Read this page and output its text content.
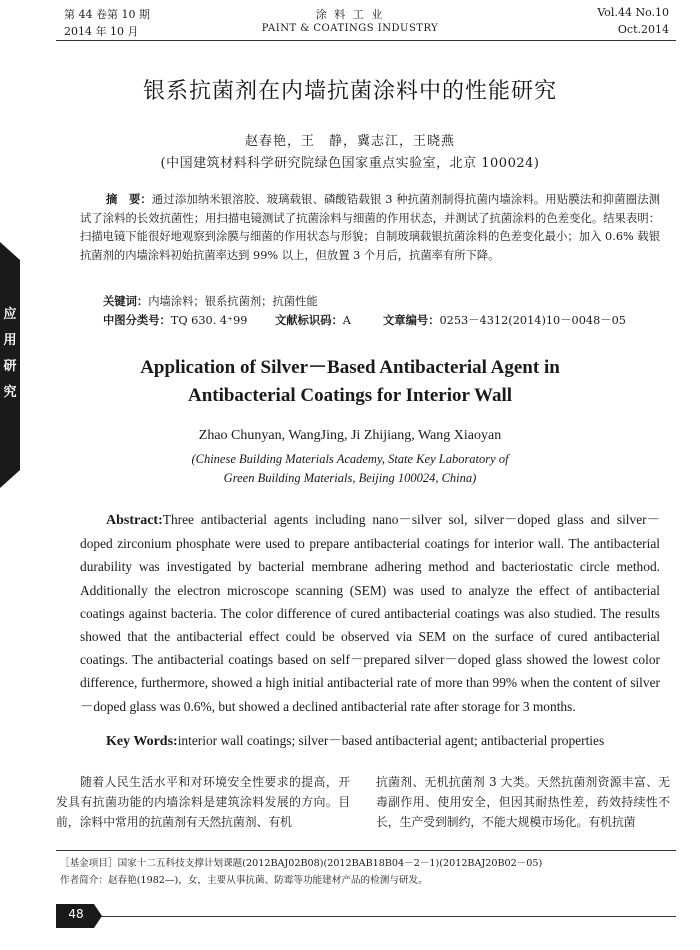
第 44 卷第 10 期
2014 年 10 月
涂 料 工 业
PAINT & COATINGS INDUSTRY
Vol.44 No.10
Oct.2014
应
用
研
究
银系抗菌剂在内墙抗菌涂料中的性能研究
赵春艳，王　静，冀志江，王晓燕
(中国建筑材料科学研究院绿色国家重点实验室，北京 100024)
摘　要：通过添加纳米银溶胶、玻璃载银、磷酸锆载银 3 种抗菌剂制得抗菌内墙涂料。用贴膜法和抑菌圈法测试了涂料的长效抗菌性；用扫描电镜测试了抗菌涂料与细菌的作用状态，并测试了抗菌涂料的色差变化。结果表明：扫描电镜下能很好地观察到涂膜与细菌的作用状态与形貌；自制玻璃载银抗菌涂料的色差变化最小；加入 0.6% 载银抗菌剂的内墙涂料初始抗菌率达到 99% 以上，但放置 3 个月后，抗菌率有所下降。
关键词：内墙涂料；银系抗菌剂；抗菌性能
中图分类号：TQ 630. 4⁺99 文献标识码：A	文章编号：0253－4312(2014)10－0048－05
Application of Silver－Based Antibacterial Agent in
Antibacterial Coatings for Interior Wall
Zhao Chunyan, WangJing, Ji Zhijiang, Wang Xiaoyan
(Chinese Building Materials Academy, State Key Laboratory of
Green Building Materials, Beijing 100024, China)
Abstract:Three antibacterial agents including nano－silver sol, silver－doped glass and silver－doped zirconium phosphate were used to prepare antibacterial coatings for interior wall. The antibacterial durability was investigated by bacterial membrane adhering method and bacteriostatic circle method. Additionally the electron microscope scanning (SEM) was used to analyze the effect of antibacterial coatings against bacteria. The color difference of cured antibacterial coatings was also studied. The results showed that the antibacterial effect could be observed via SEM on the surface of cured antibacterial coatings. The antibacterial coatings based on self－prepared silver－doped glass showed the lowest color difference, furthermore, showed a high initial antibacterial rate of more than 99% when the content of silver－doped glass was 0.6%, but showed a declined antibacterial rate after storage for 3 months.
Key Words:interior wall coatings; silver－based antibacterial agent; antibacterial properties
随着人民生活水平和对环境安全性要求的提高，开发具有抗菌功能的内墙涂料是建筑涂料发展的方向。目前，涂料中常用的抗菌剂有天然抗菌剂、有机
抗菌剂、无机抗菌剂 3 大类。天然抗菌剂资源丰富、无毒副作用、使用安全，但因其耐热性差，药效持续性不长，生产受到制约，不能大规模市场化。有机抗菌
［基金项目］国家十二五科技支撑计划课题(2012BAJ02B08)(2012BAB18B04－2－1)(2012BAJ20B02－05)
作者简介：赵春艳(1982—)，女，主要从事抗菌、防霉等功能建材产品的检测与研发。
48
